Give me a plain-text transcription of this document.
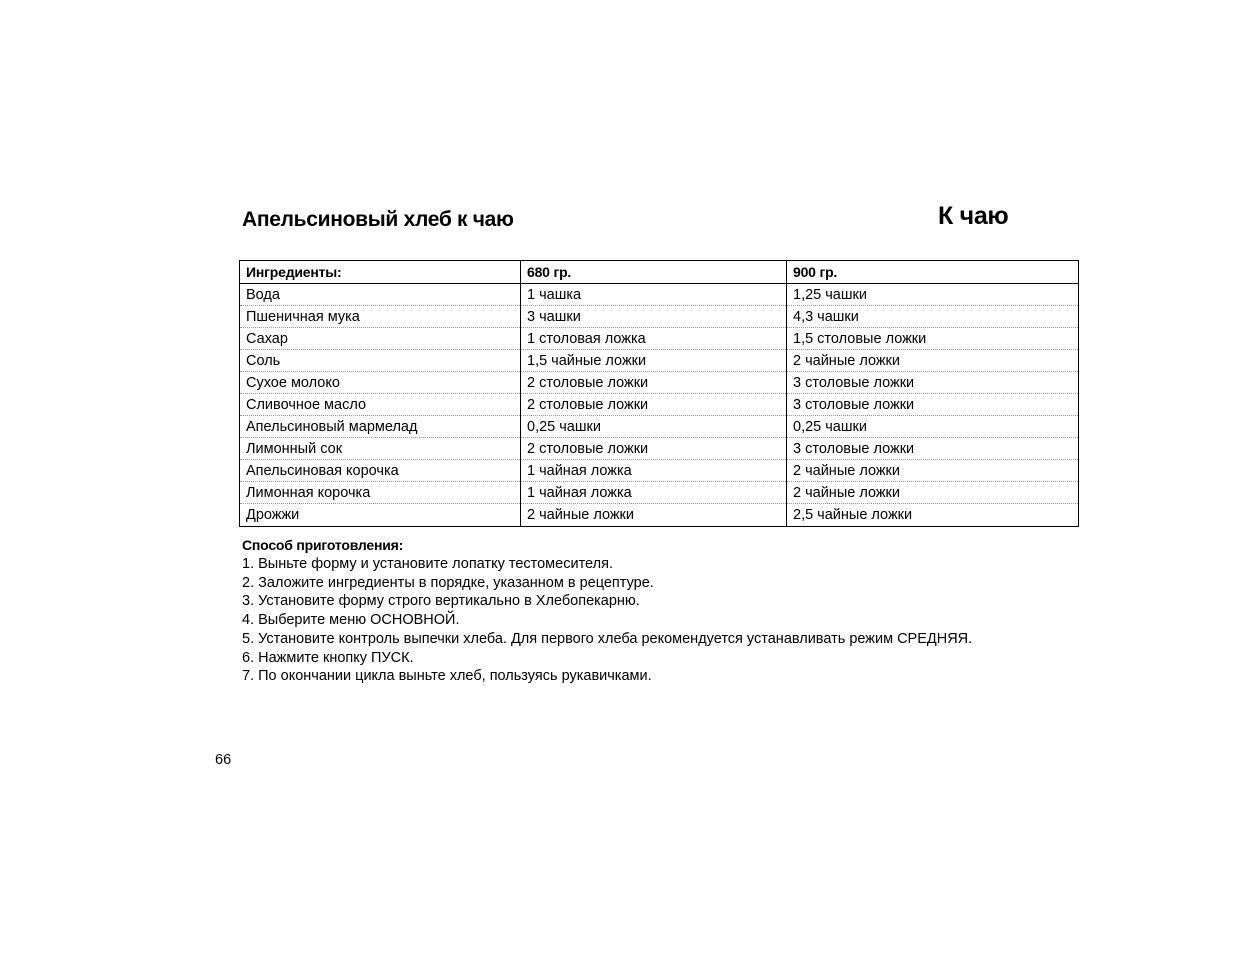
Апельсиновый хлеб к чаю	К чаю
Ингредиенты:	680 гр.	900 гр.
Вода	1 чашка	1,25 чашки
Пшеничная мука	3 чашки	4,3 чашки
Сахар	1 столовая ложка	1,5 столовые ложки
Соль	1,5 чайные ложки	2 чайные ложки
Сухое молоко	2 столовые ложки	3 столовые ложки
Сливочное масло	2 столовые ложки	3 столовые ложки
Апельсиновый мармелад	0,25 чашки	0,25 чашки
Лимонный сок	2 столовые ложки	3 столовые ложки
Апельсиновая корочка	1 чайная ложка	2 чайные ложки
Лимонная корочка	1 чайная ложка	2 чайные ложки
Дрожжи	2 чайные ложки	2,5 чайные ложки
Способ приготовления:
1. Выньте форму и установите лопатку тестомесителя.
2. Заложите ингредиенты в порядке, указанном в рецептуре.
3. Установите форму строго вертикально в Хлебопекарню.
4. Выберите меню ОСНОВНОЙ.
5. Установите контроль выпечки хлеба. Для первого хлеба рекомендуется устанавливать режим СРЕДНЯЯ.
6. Нажмите кнопку ПУСК.
7. По окончании цикла выньте хлеб, пользуясь рукавичками.
66
